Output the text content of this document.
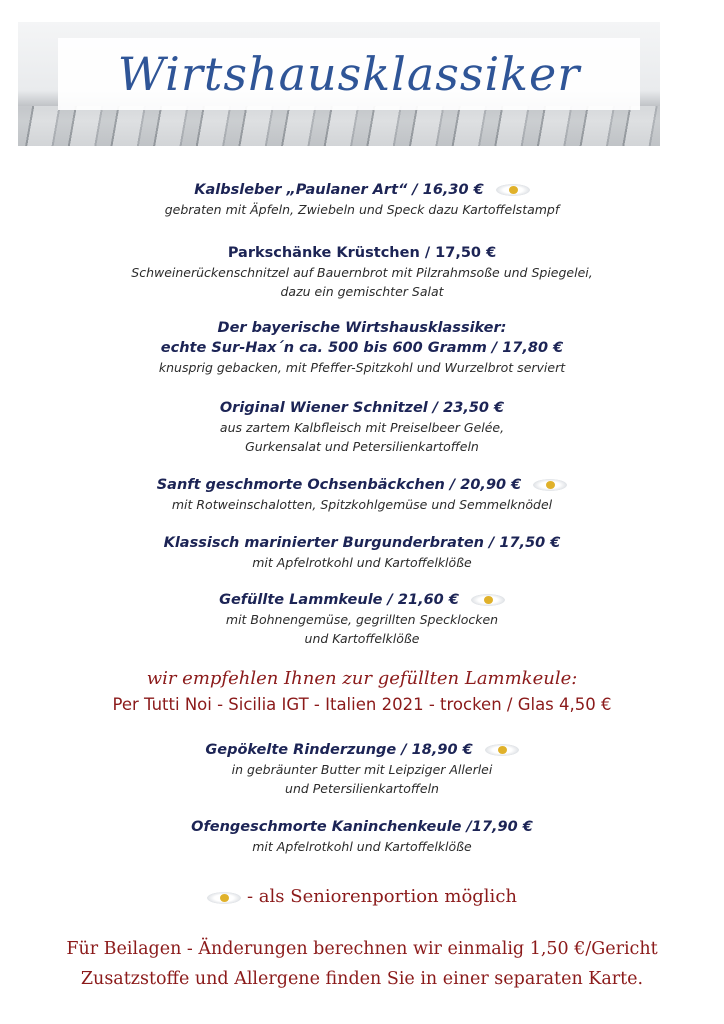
Wirtshausklassiker
Kalbsleber „Paulaner Art“ / 16,30 €
gebraten mit Äpfeln, Zwiebeln und Speck dazu Kartoffelstampf
Parkschänke Krüstchen / 17,50 €
Schweinerückenschnitzel auf Bauernbrot mit Pilzrahmsoße und Spiegelei,
dazu ein gemischter Salat
Der bayerische Wirtshausklassiker:
echte Sur-Hax´n ca. 500 bis 600 Gramm / 17,80 €
knusprig gebacken, mit Pfeffer-Spitzkohl und Wurzelbrot serviert
Original Wiener Schnitzel / 23,50 €
aus zartem Kalbfleisch mit Preiselbeer Gelée,
Gurkensalat und Petersilienkartoffeln
Sanft geschmorte Ochsenbäckchen / 20,90 €
mit Rotweinschalotten, Spitzkohlgemüse und Semmelknödel
Klassisch marinierter Burgunderbraten / 17,50 €
mit Apfelrotkohl und Kartoffelklöße
Gefüllte Lammkeule / 21,60 €
mit Bohnengemüse, gegrillten Specklocken
und Kartoffelklöße
wir empfehlen Ihnen zur gefüllten Lammkeule:
Per Tutti Noi - Sicilia IGT - Italien 2021 - trocken / Glas 4,50 €
Gepökelte Rinderzunge / 18,90 €
in gebräunter Butter mit Leipziger Allerlei
und Petersilienkartoffeln
Ofengeschmorte Kaninchenkeule /17,90 €
mit Apfelrotkohl und Kartoffelklöße
- als Seniorenportion möglich
Für Beilagen - Änderungen berechnen wir einmalig 1,50 €/Gericht
Zusatzstoffe und Allergene finden Sie in einer separaten Karte.
